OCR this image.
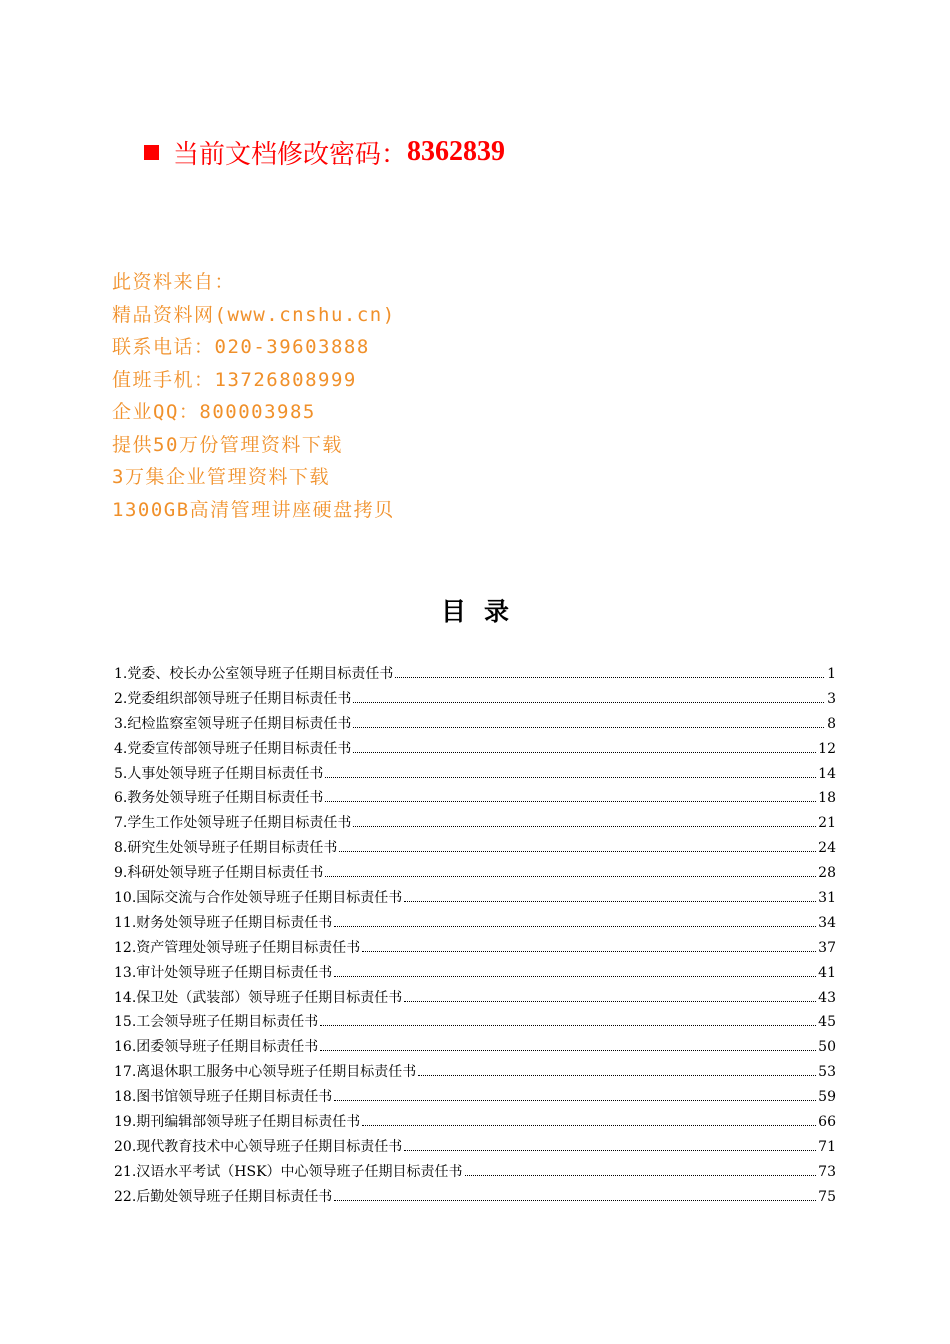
当前文档修改密码： 8362839
此资料来自：
精品资料网(www.cnshu.cn)
联系电话：020-39603888
值班手机：13726808999
企业QQ：800003985
提供50万份管理资料下载
3万集企业管理资料下载
1300GB高清管理讲座硬盘拷贝
目录
1.党委、校长办公室领导班子任期目标责任书	1
2.党委组织部领导班子任期目标责任书	3
3.纪检监察室领导班子任期目标责任书	8
4.党委宣传部领导班子任期目标责任书	12
5.人事处领导班子任期目标责任书	14
6.教务处领导班子任期目标责任书	18
7.学生工作处领导班子任期目标责任书	21
8.研究生处领导班子任期目标责任书	24
9.科研处领导班子任期目标责任书	28
10.国际交流与合作处领导班子任期目标责任书	31
11.财务处领导班子任期目标责任书	34
12.资产管理处领导班子任期目标责任书	37
13.审计处领导班子任期目标责任书	41
14.保卫处（武装部）领导班子任期目标责任书	43
15.工会领导班子任期目标责任书	45
16.团委领导班子任期目标责任书	50
17.离退休职工服务中心领导班子任期目标责任书	53
18.图书馆领导班子任期目标责任书	59
19.期刊编辑部领导班子任期目标责任书	66
20.现代教育技术中心领导班子任期目标责任书	71
21.汉语水平考试（HSK）中心领导班子任期目标责任书	73
22.后勤处领导班子任期目标责任书	75
